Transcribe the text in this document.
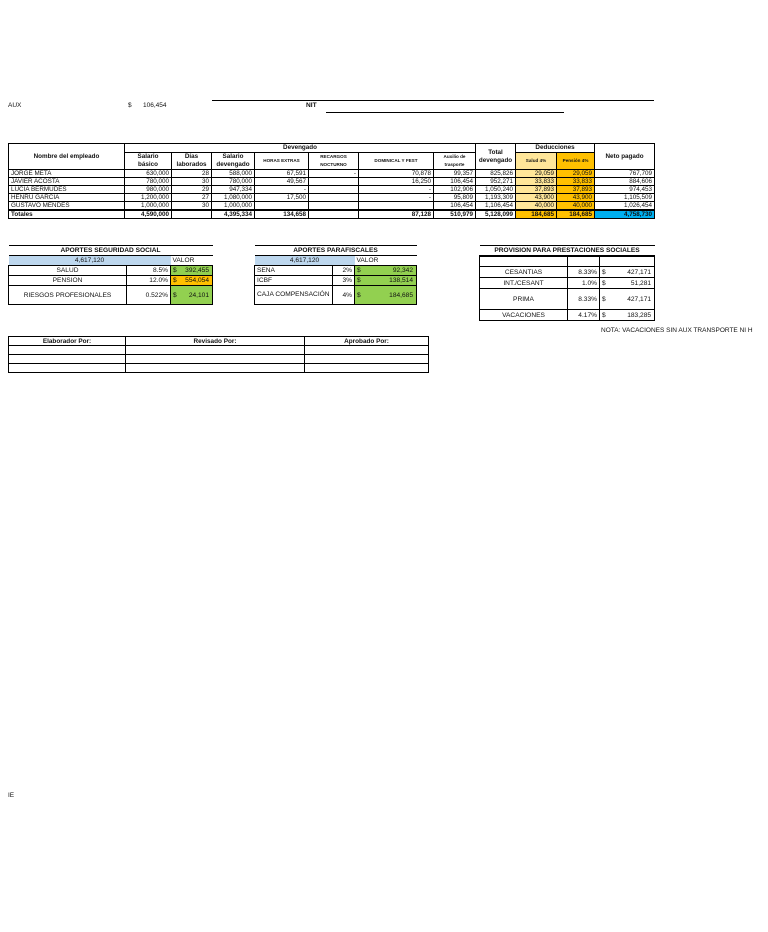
AUX	$ 106,454	NIT
Nombre del empleado	Devengado							Total devengado	Deducciones		Neto pagado
	Salario básico	Días laborados	Salario devengado	HORAS EXTRAS	RECARGOS NOCTURNO	DOMINICAL Y FEST	Auxilio de trasporte		Salud 4%	Pensión 4%	
JORGE META	630,000	28	588,000	67,591	-	70,878	99,357	825,826	29,059	29,059	767,709
JAVIER ACOSTA	780,000	30	780,000	49,567		16,250	106,454	952,271	33,833	33,833	884,606
LUCIA BERMUDES	980,000	29	947,334	-		-	102,906	1,050,240	37,893	37,893	974,453
HENRU GARCIA	1,200,000	27	1,080,000	17,500		-	95,809	1,193,309	43,900	43,900	1,105,509
GUSTAVO MENDES	1,000,000	30	1,000,000				106,454	1,106,454	40,000	40,000	1,026,454
Totales	4,590,000		4,395,334	134,658		87,128	510,979	5,128,099	184,685	184,685	4,758,730
APORTES SEGURIDAD SOCIAL		
4,617,120		VALOR
SALUD	8.5%	$ 392,455

PENSION	12.0%	$ 554,054

RIESGOS PROFESIONALES	0.522%	$ 24,101
APORTES PARAFISCALES		
4,617,120		VALOR
SENA	2%	$ 92,342

ICBF	3%	$ 138,514

CAJA COMPENSACIÓN	4%	$ 184,685
PROVISION PARA PRESTACIONES SOCIALES		

CESANTIAS	8.33%	$ 427,171

INT./CESANT	1.0%	$ 51,281

PRIMA	8.33%	$ 427,171

VACACIONES	4.17%	$ 183,285
NOTA: VACACIONES SIN AUX TRANSPORTE NI H
Elaborador Por:	Revisado Por:	Aprobado Por:

IE
